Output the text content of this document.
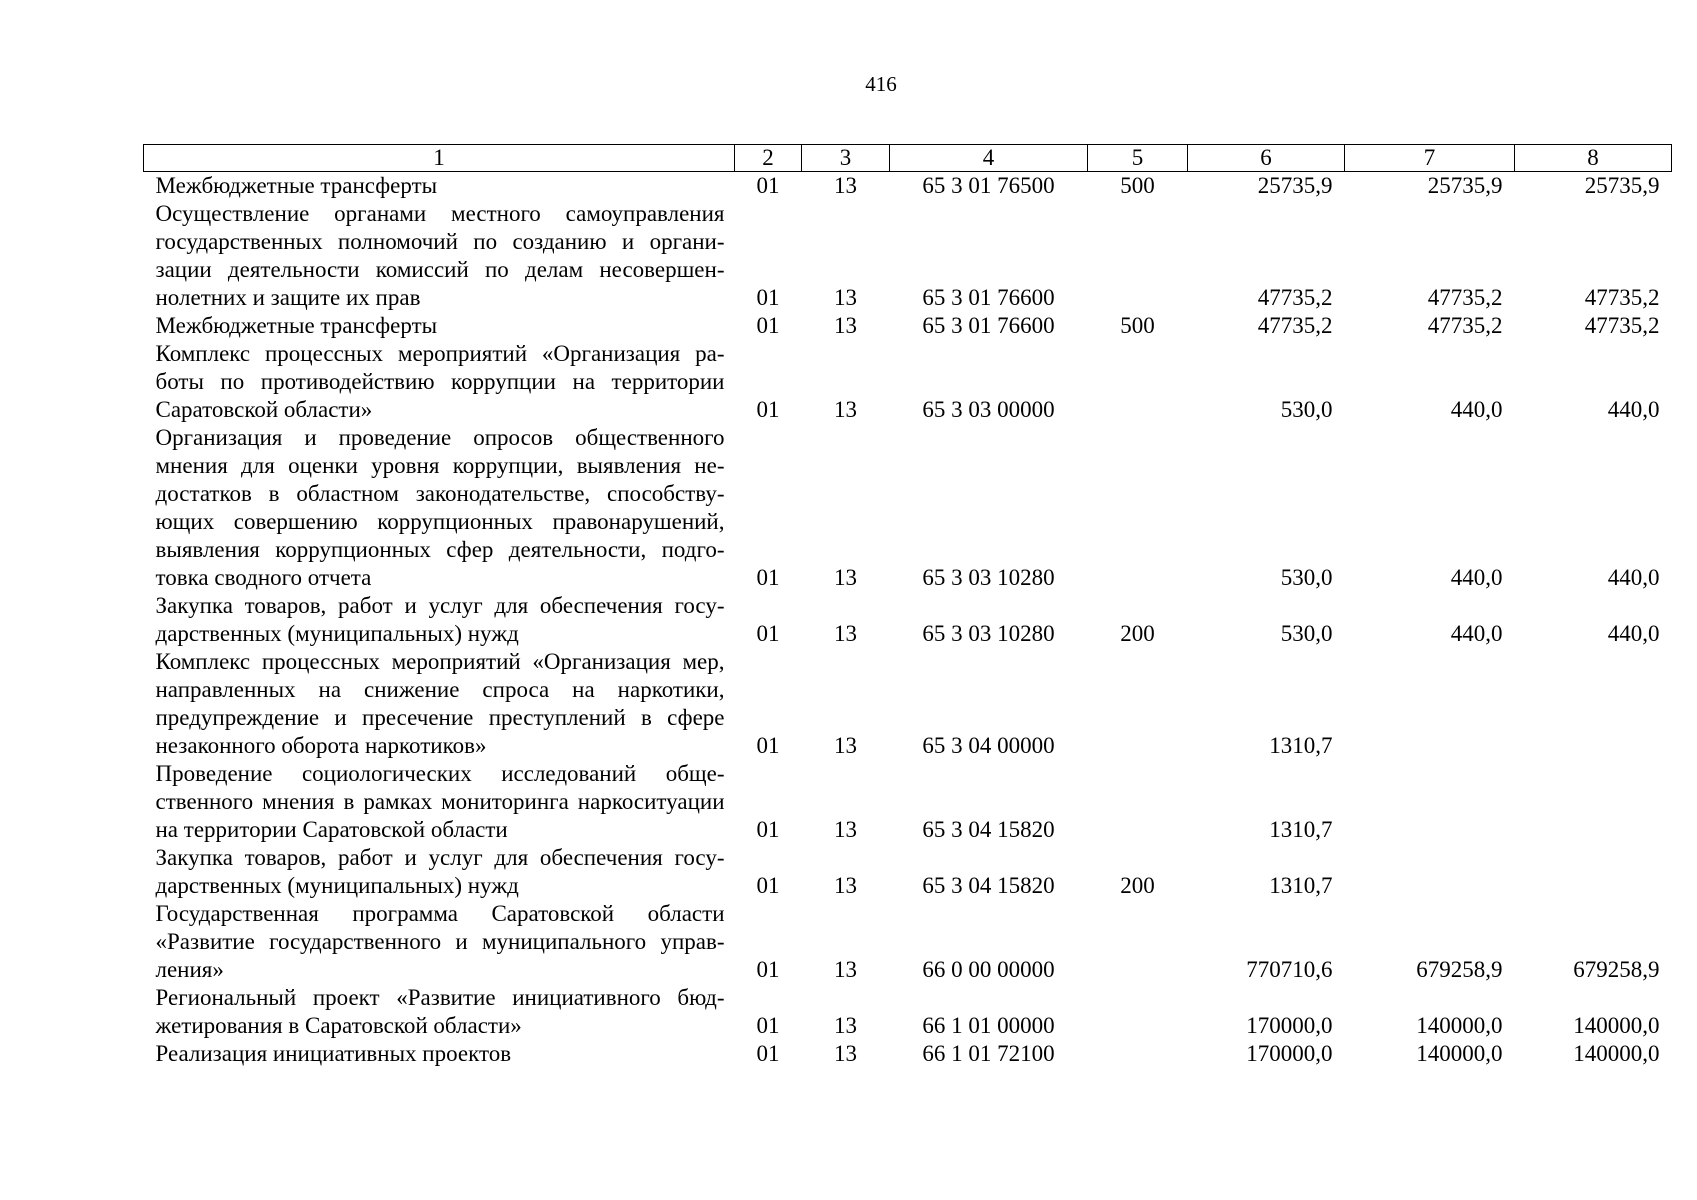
416
1	2	3	4	5	6	7	8
Межбюджетные трансферты	01	13	65 3 01 76500	500	25735,9	25735,9	25735,9
Осуществление органами местного самоуправления государственных полномочий по созданию и организации деятельности комиссий по делам несовершеннолетних и защите их прав	01	13	65 3 01 76600		47735,2	47735,2	47735,2
Межбюджетные трансферты	01	13	65 3 01 76600	500	47735,2	47735,2	47735,2
Комплекс процессных мероприятий «Организация работы по противодействию коррупции на территории Саратовской области»	01	13	65 3 03 00000		530,0	440,0	440,0
Организация и проведение опросов общественного мнения для оценки уровня коррупции, выявления недостатков в областном законодательстве, способствующих совершению коррупционных правонарушений, выявления коррупционных сфер деятельности, подготовка сводного отчета	01	13	65 3 03 10280		530,0	440,0	440,0
Закупка товаров, работ и услуг для обеспечения государственных (муниципальных) нужд	01	13	65 3 03 10280	200	530,0	440,0	440,0
Комплекс процессных мероприятий «Организация мер, направленных на снижение спроса на наркотики, предупреждение и пресечение преступлений в сфере незаконного оборота наркотиков»	01	13	65 3 04 00000		1310,7		
Проведение социологических исследований общественного мнения в рамках мониторинга наркоситуации на территории Саратовской области	01	13	65 3 04 15820		1310,7		
Закупка товаров, работ и услуг для обеспечения государственных (муниципальных) нужд	01	13	65 3 04 15820	200	1310,7		
Государственная программа Саратовской области «Развитие государственного и муниципального управления»	01	13	66 0 00 00000		770710,6	679258,9	679258,9
Региональный проект «Развитие инициативного бюджетирования в Саратовской области»	01	13	66 1 01 00000		170000,0	140000,0	140000,0
Реализация инициативных проектов	01	13	66 1 01 72100		170000,0	140000,0	140000,0
